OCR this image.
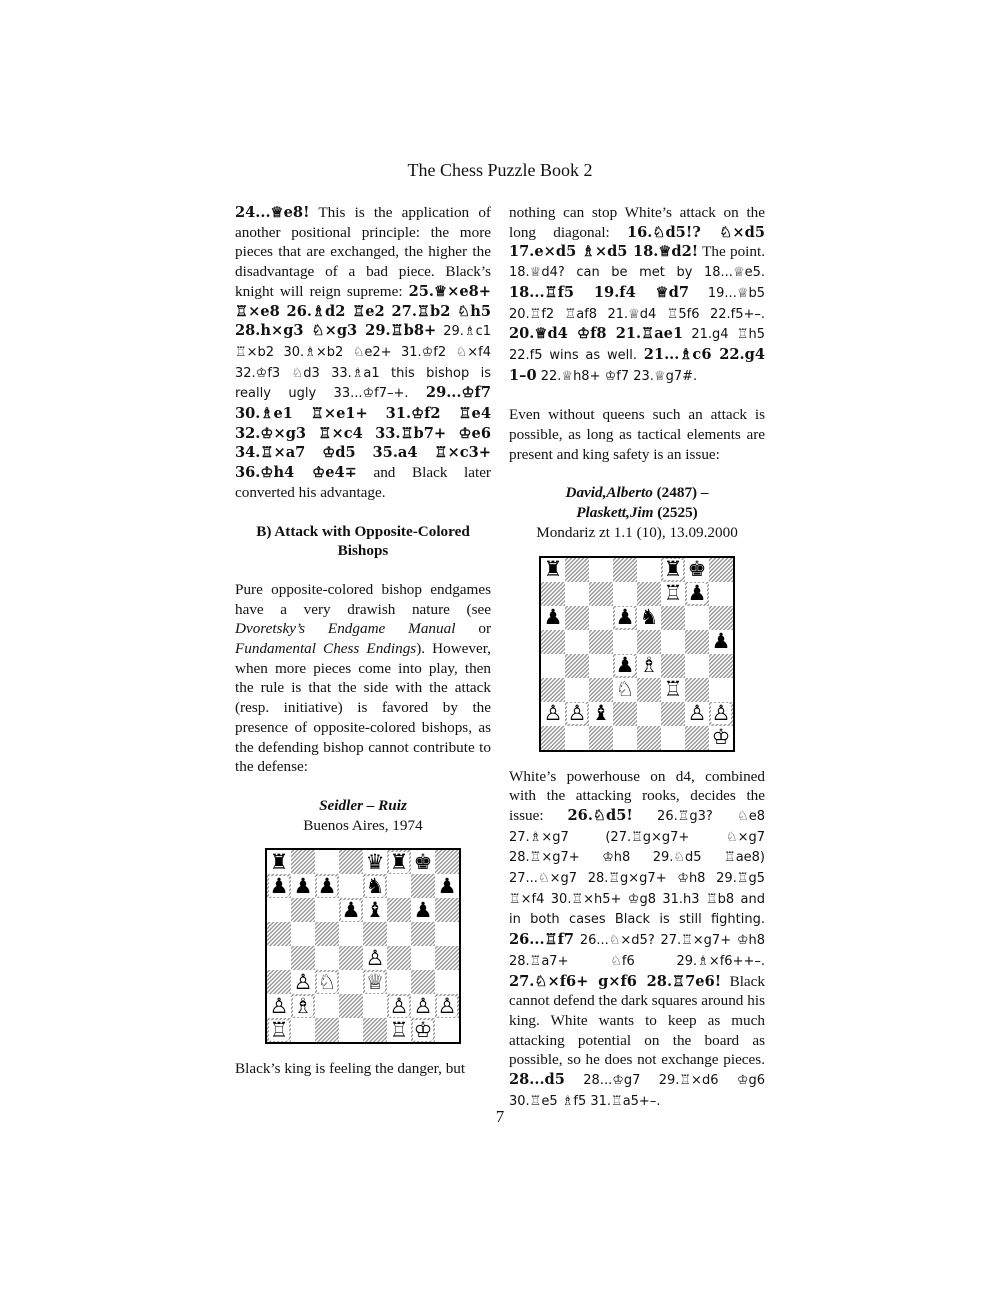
The Chess Puzzle Book 2

24...♕e8! This is the application of another positional principle: the more pieces that are exchanged, the higher the disadvantage of a bad piece. Black’s knight will reign supreme: 25.♕×e8+ ♖×e8 26.♗d2 ♖e2 27.♖b2 ♘h5 28.h×g3 ♘×g3 29.♖b8+ 29.♗c1 ♖×b2 30.♗×b2 ♘e2+ 31.♔f2 ♘×f4 32.♔f3 ♘d3 33.♗a1 this bishop is really ugly 33...♔f7–+. 29...♔f7 30.♗e1 ♖×e1+ 31.♔f2 ♖e4 32.♔×g3 ♖×c4 33.♖b7+ ♔e6 34.♖×a7 ♔d5 35.a4 ♖×c3+ 36.♔h4 ♔e4∓ and Black later converted his advantage.

B) Attack with Opposite-Colored Bishops

Pure opposite-colored bishop endgames have a very drawish nature (see Dvoretsky’s Endgame Manual or Fundamental Chess Endings). However, when more pieces come into play, then the rule is that the side with the attack (resp. initiative) is favored by the presence of opposite-colored bishops, as the defending bishop cannot contribute to the defense:

Seidler – Ruiz
Buenos Aires, 1974
♜	♛ ♜ ♚
♟ ♟ ♟ ♞	♟
♟ ♝ ♟
♙
♙ ♘ ♕
♙ ♗	♙ ♙ ♙
♖	♖ ♔

Black’s king is feeling the danger, but

nothing can stop White’s attack on the long diagonal: 16.♘d5!? ♘×d5 17.e×d5 ♗×d5 18.♕d2! The point. 18.♕d4? can be met by 18...♕e5. 18...♖f5 19.f4 ♕d7 19...♕b5 20.♖f2 ♖af8 21.♕d4 ♖5f6 22.f5+–. 20.♕d4 ♔f8 21.♖ae1 21.g4 ♖h5 22.f5 wins as well. 21...♗c6 22.g4 1–0 22.♕h8+ ♔f7 23.♕g7#.

Even without queens such an attack is possible, as long as tactical elements are present and king safety is an issue:

David,Alberto (2487) –
Plaskett,Jim (2525)
Mondariz zt 1.1 (10), 13.09.2000
♜	♜ ♚
♖ ♟
♟	♟ ♞
♟
♟ ♗
♘ ♖
♙ ♙ ♝	♙ ♙
♔

White’s powerhouse on d4, combined with the attacking rooks, decides the issue: 26.♘d5! 26.♖g3? ♘e8 27.♗×g7 (27.♖g×g7+ ♘×g7 28.♖×g7+ ♔h8 29.♘d5 ♖ae8) 27...♘×g7 28.♖g×g7+ ♔h8 29.♖g5 ♖×f4 30.♖×h5+ ♔g8 31.h3 ♖b8 and in both cases Black is still fighting. 26...♖f7 26...♘×d5? 27.♖×g7+ ♔h8 28.♖a7+ ♘f6 29.♗×f6++–. 27.♘×f6+ g×f6 28.♖7e6! Black cannot defend the dark squares around his king. White wants to keep as much attacking potential on the board as possible, so he does not exchange pieces. 28...d5 28...♔g7 29.♖×d6 ♔g6 30.♖e5 ♗f5 31.♖a5+–.

7
